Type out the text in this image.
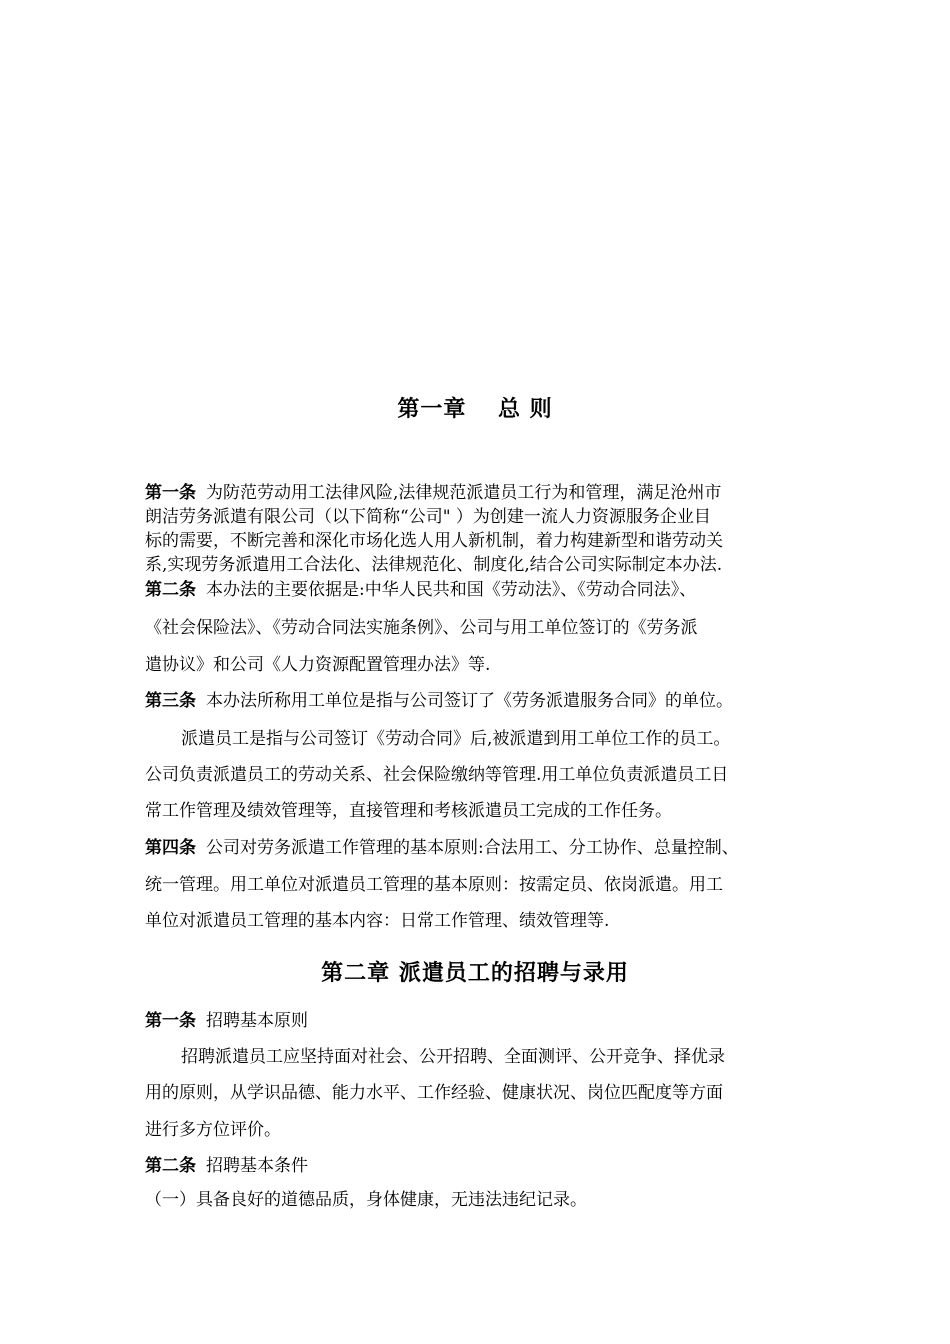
第一章　 总 则
第一条 为防范劳动用工法律风险,法律规范派遣员工行为和管理，满足沧州市
朗洁劳务派遣有限公司（以下简称“公司" ）为创建一流人力资源服务企业目
标的需要，不断完善和深化市场化选人用人新机制，着力构建新型和谐劳动关
系,实现劳务派遣用工合法化、法律规范化、制度化,结合公司实际制定本办法.
第二条 本办法的主要依据是:中华人民共和国《劳动法》、《劳动合同法》、
《社会保险法》、《劳动合同法实施条例》、公司与用工单位签订的《劳务派
遣协议》和公司《人力资源配置管理办法》等.
第三条 本办法所称用工单位是指与公司签订了《劳务派遣服务合同》的单位。
派遣员工是指与公司签订《劳动合同》后,被派遣到用工单位工作的员工。
公司负责派遣员工的劳动关系、社会保险缴纳等管理.用工单位负责派遣员工日
常工作管理及绩效管理等，直接管理和考核派遣员工完成的工作任务。
第四条 公司对劳务派遣工作管理的基本原则:合法用工、分工协作、总量控制、
统一管理。用工单位对派遣员工管理的基本原则：按需定员、依岗派遣。用工
单位对派遣员工管理的基本内容：日常工作管理、绩效管理等.
第二章 派遣员工的招聘与录用
第一条 招聘基本原则
招聘派遣员工应坚持面对社会、公开招聘、全面测评、公开竞争、择优录
用的原则，从学识品德、能力水平、工作经验、健康状况、岗位匹配度等方面
进行多方位评价。
第二条 招聘基本条件
（一）具备良好的道德品质，身体健康，无违法违纪记录。
